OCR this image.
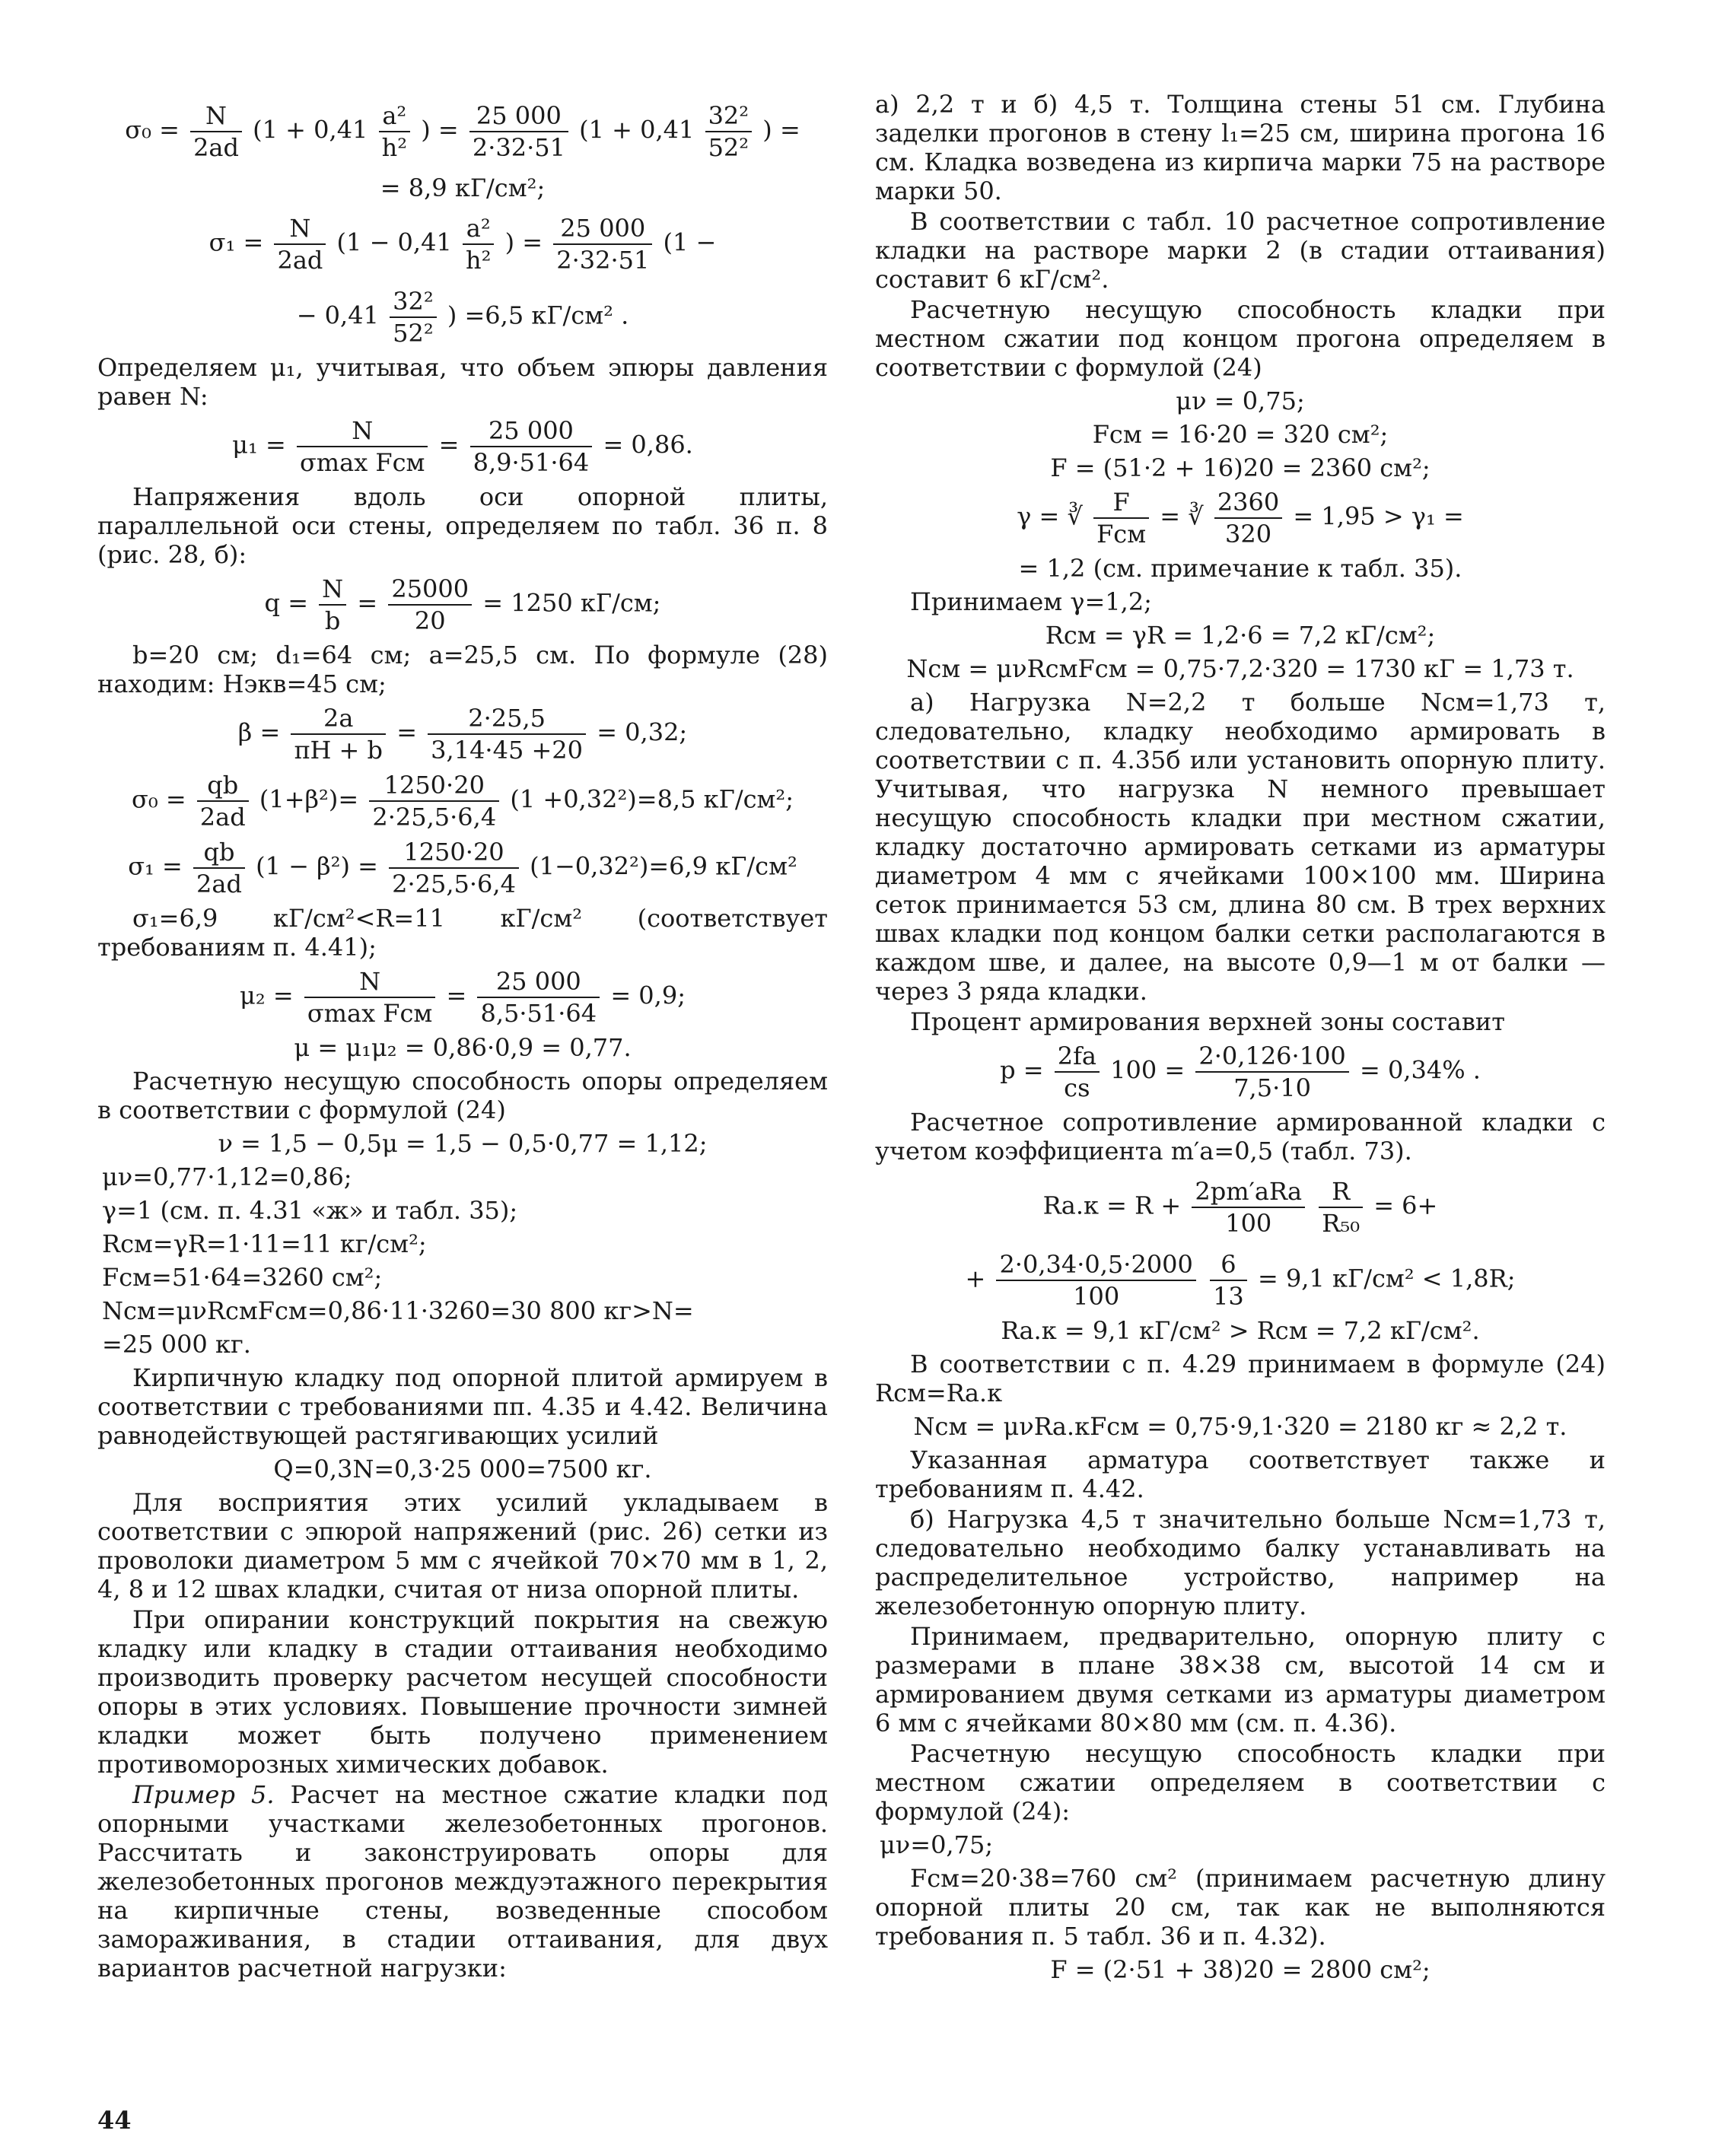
$\sigma_0 = \frac{N}{2ad} (1 + 0,41 \frac{\text{a²}}{\text{h²}}$ ) = $\frac{25 000}{2\cdot 32\cdot 51} (1 + 0,41 \frac{\text{32²}}{\text{52²}}$ ) =
= 8,9 кГ/см²;
$\sigma_1 = \frac{N}{2ad} (1 - 0,41 \frac{\text{a²}}{\text{h²}}$ ) = $\frac{25 000}{2\cdot 32\cdot 51} (1$ −
− $0,41 \frac{\text{32²}}{\text{52²}}$ ) =6,5 кГ/см² .

Определяем μ₁, учитывая, что объем эпюры давления равен N:

μ₁ =	N
σmax Fсм
= $\frac{25 000}{8,9\cdot 51\cdot 64} = 0,86$.

Напряжения вдоль оси опорной плиты, параллельной оси стены, определяем по табл. 36 п. 8 (рис. 28, б):

$q = \frac{N}{b} = \frac{25000}{20} = 1250$ кГ/см;

b=20 см; d₁=64 см; a=25,5 см. По формуле (28) находим: Hэкв=45 см;

$\beta = \frac{2a}{\pi H + b} = \frac{2\cdot 25,5}{3,14\cdot 45 +20} = 0,32$;
$\sigma_0 = \frac{qb}{2ad} (1+\beta^2)= \frac{1250\cdot 20}{2\cdot 25,5\cdot 6,4} (1 +0,32^2)=8,5$ кГ/см²;
$\sigma_1 = \frac{qb}{2ad} (1 - \beta^2) = \frac{1250\cdot 20}{2\cdot 25,5\cdot 6,4} (1-0,32^2)=6,9$ кГ/см²

σ₁=6,9 кГ/см²<R=11 кГ/см² (соответствует требованиям п. 4.41);

μ₂ =	N
σmax Fсм
= $\frac{25 000}{8,5\cdot 51\cdot 64} = 0,9$;
μ = μ₁μ₂ = 0,86·0,9 = 0,77.

Расчетную несущую способность опоры определяем в соответствии с формулой (24)

ν = 1,5 − 0,5μ = 1,5 − 0,5·0,77 = 1,12;
μν=0,77·1,12=0,86;
γ=1 (см. п. 4.31 «ж» и табл. 35);
Rсм=γR=1·11=11 кг/см²;
Fсм=51·64=3260 см²;
Nсм=μνRсмFсм=0,86·11·3260=30 800 кг>N=
=25 000 кг.

Кирпичную кладку под опорной плитой армируем в соответствии с требованиями пп. 4.35 и 4.42. Величина равнодействующей растягивающих усилий

Q=0,3N=0,3·25 000=7500 кг.

Для восприятия этих усилий укладываем в соответствии с эпюрой напряжений (рис. 26) сетки из проволоки диаметром 5 мм с ячейкой 70×70 мм в 1, 2, 4, 8 и 12 швах кладки, считая от низа опорной плиты.

При опирании конструкций покрытия на свежую кладку или кладку в стадии оттаивания необходимо производить проверку расчетом несущей способности опоры в этих условиях. Повышение прочности зимней кладки может быть получено применением противоморозных химических добавок.

Пример 5. Расчет на местное сжатие кладки под опорными участками железобетонных прогонов. Рассчитать и законструировать опоры для железобетонных прогонов междуэтажного перекрытия на кирпичные стены, возведенные способом замораживания, в стадии оттаивания, для двух вариантов расчетной нагрузки:

а) 2,2 т и б) 4,5 т. Толщина стены 51 см. Глубина заделки прогонов в стену l₁=25 см, ширина прогона 16 см. Кладка возведена из кирпича марки 75 на растворе марки 50.

В соответствии с табл. 10 расчетное сопротивление кладки на растворе марки 2 (в стадии оттаивания) составит 6 кГ/см².

Расчетную несущую способность кладки при местном сжатии под концом прогона определяем в соответствии с формулой (24)

μν = 0,75;
Fсм = 16·20 = 320 см²;
F = (51·2 + 16)20 = 2360 см²;
γ = ∛	F
Fсм
= ∛ $\frac{2360}{320} = 1,95 > \gamma_1$ =
= 1,2 (см. примечание к табл. 35).

Принимаем γ=1,2;

Rсм = γR = 1,2·6 = 7,2 кГ/см²;
Nсм = μνRсмFсм = 0,75·7,2·320 = 1730 кГ = 1,73 т.

а) Нагрузка N=2,2 т больше Nсм=1,73 т, следовательно, кладку необходимо армировать в соответствии с п. 4.35б или установить опорную плиту. Учитывая, что нагрузка N немного превышает несущую способность кладки при местном сжатии, кладку достаточно армировать сетками из арматуры диаметром 4 мм с ячейками 100×100 мм. Ширина сеток принимается 53 см, длина 80 см. В трех верхних швах кладки под концом балки сетки располагаются в каждом шве, и далее, на высоте 0,9—1 м от балки — через 3 ряда кладки.

Процент армирования верхней зоны составит

$p = \frac{2fa}{cs} 100 = \frac{2\cdot 0,126\cdot 100}{7,5\cdot 10} = 0,34\%$ .

Расчетное сопротивление армированной кладки с учетом коэффициента m′а=0,5 (табл. 73).

Rа.к = R + 2pm′аRа
100
	$\frac{R}{\text{R₅₀}} = 6+$
+ $\frac{2\cdot 0,34\cdot 0,5\cdot 2000}{100}$
$\frac{6}{13} = 9,1$ кГ/см² < 1,8R;
Rа.к = 9,1 кГ/см² > Rсм = 7,2 кГ/см².

В соответствии с п. 4.29 принимаем в формуле (24) Rсм=Rа.к

Nсм = μνRа.кFсм = 0,75·9,1·320 = 2180 кг ≈ 2,2 т.

Указанная арматура соответствует также и требованиям п. 4.42.

б) Нагрузка 4,5 т значительно больше Nсм=1,73 т, следовательно необходимо балку устанавливать на распределительное устройство, например на железобетонную опорную плиту.

Принимаем, предварительно, опорную плиту с размерами в плане 38×38 см, высотой 14 см и армированием двумя сетками из арматуры диаметром 6 мм с ячейками 80×80 мм (см. п. 4.36).

Расчетную несущую способность кладки при местном сжатии определяем в соответствии с формулой (24):

μν=0,75;

Fсм=20·38=760 см² (принимаем расчетную длину опорной плиты 20 см, так как не выполняются требования п. 5 табл. 36 и п. 4.32).

F = (2·51 + 38)20 = 2800 см²;
44
